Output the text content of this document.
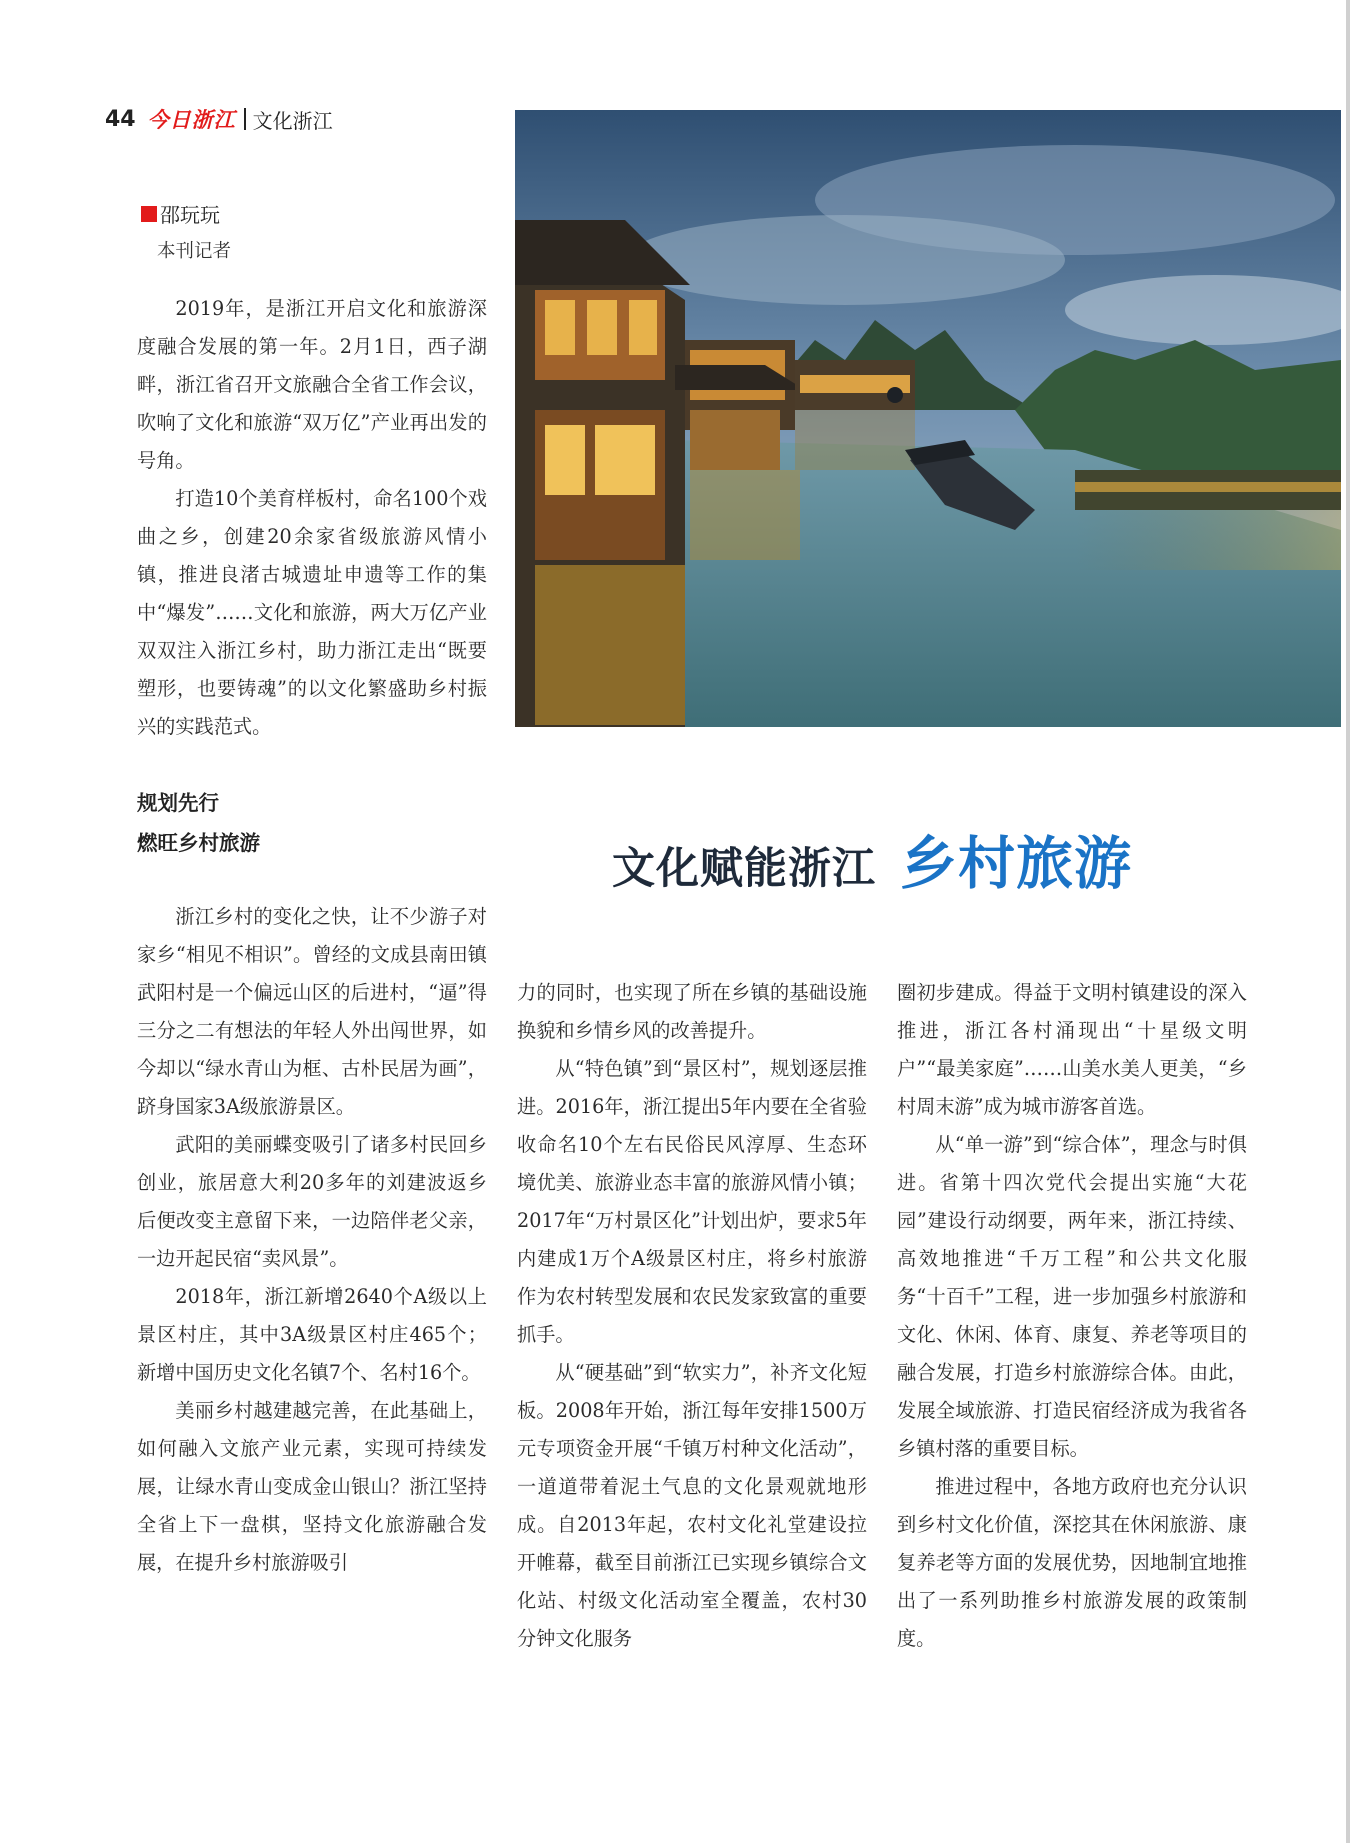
44 今日浙江 文化浙江
邵玩玩
本刊记者

2019年，是浙江开启文化和旅游深度融合发展的第一年。2月1日，西子湖畔，浙江省召开文旅融合全省工作会议，吹响了文化和旅游“双万亿”产业再出发的号角。

打造10个美育样板村，命名100个戏曲之乡，创建20余家省级旅游风情小镇，推进良渚古城遗址申遗等工作的集中“爆发”……文化和旅游，两大万亿产业双双注入浙江乡村，助力浙江走出“既要塑形，也要铸魂”的以文化繁盛助乡村振兴的实践范式。

规划先行
燃旺乡村旅游
文化赋能浙江 乡村旅游

浙江乡村的变化之快，让不少游子对家乡“相见不相识”。曾经的文成县南田镇武阳村是一个偏远山区的后进村，“逼”得三分之二有想法的年轻人外出闯世界，如今却以“绿水青山为框、古朴民居为画”，跻身国家3A级旅游景区。

武阳的美丽蝶变吸引了诸多村民回乡创业，旅居意大利20多年的刘建波返乡后便改变主意留下来，一边陪伴老父亲，一边开起民宿“卖风景”。

2018年，浙江新增2640个A级以上景区村庄，其中3A级景区村庄465个；新增中国历史文化名镇7个、名村16个。

美丽乡村越建越完善，在此基础上，如何融入文旅产业元素，实现可持续发展，让绿水青山变成金山银山？浙江坚持全省上下一盘棋，坚持文化旅游融合发展，在提升乡村旅游吸引

力的同时，也实现了所在乡镇的基础设施换貌和乡情乡风的改善提升。

从“特色镇”到“景区村”，规划逐层推进。2016年，浙江提出5年内要在全省验收命名10个左右民俗民风淳厚、生态环境优美、旅游业态丰富的旅游风情小镇；2017年“万村景区化”计划出炉，要求5年内建成1万个A级景区村庄，将乡村旅游作为农村转型发展和农民发家致富的重要抓手。

从“硬基础”到“软实力”，补齐文化短板。2008年开始，浙江每年安排1500万元专项资金开展“千镇万村种文化活动”，一道道带着泥土气息的文化景观就地形成。自2013年起，农村文化礼堂建设拉开帷幕，截至目前浙江已实现乡镇综合文化站、村级文化活动室全覆盖，农村30分钟文化服务

圈初步建成。得益于文明村镇建设的深入推进，浙江各村涌现出“十星级文明户”“最美家庭”……山美水美人更美，“乡村周末游”成为城市游客首选。

从“单一游”到“综合体”，理念与时俱进。省第十四次党代会提出实施“大花园”建设行动纲要，两年来，浙江持续、高效地推进“千万工程”和公共文化服务“十百千”工程，进一步加强乡村旅游和文化、休闲、体育、康复、养老等项目的融合发展，打造乡村旅游综合体。由此，发展全域旅游、打造民宿经济成为我省各乡镇村落的重要目标。

推进过程中，各地方政府也充分认识到乡村文化价值，深挖其在休闲旅游、康复养老等方面的发展优势，因地制宜地推出了一系列助推乡村旅游发展的政策制度。
